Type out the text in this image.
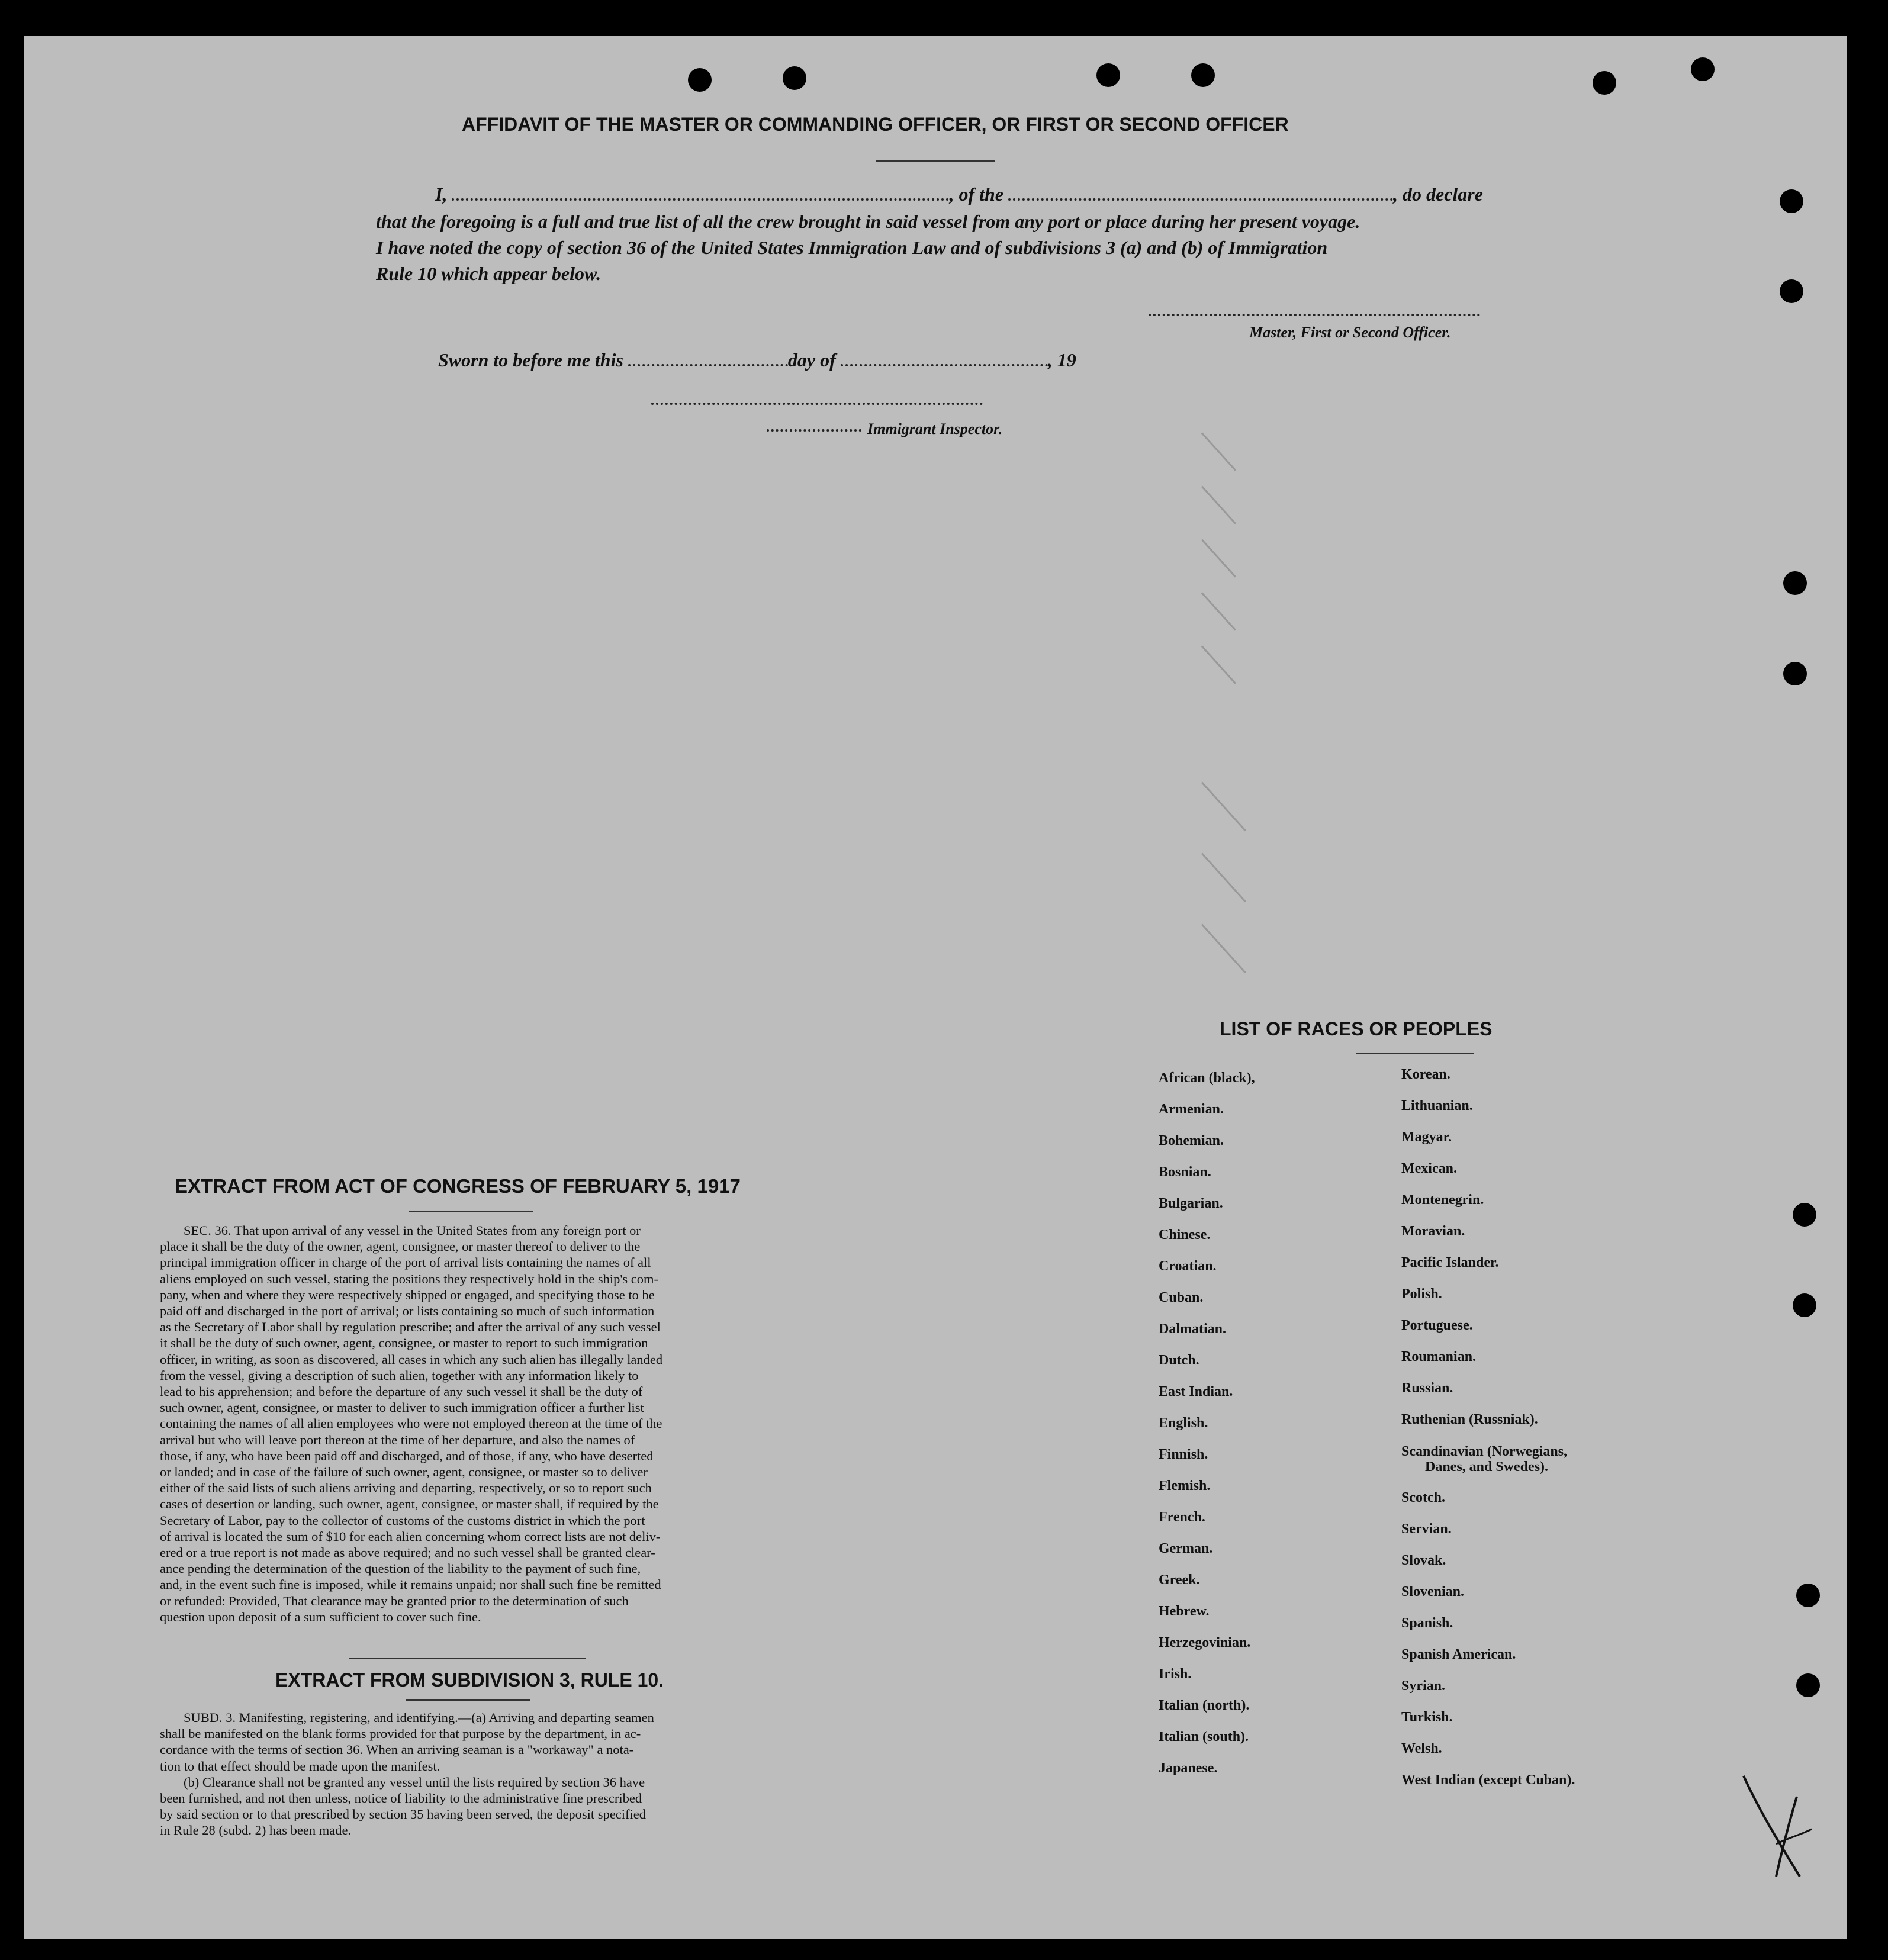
AFFIDAVIT OF THE MASTER OR COMMANDING OFFICER, OR FIRST OR SECOND OFFICER
I,	, of the	, do declare
that the foregoing is a full and true list of all the crew brought in said vessel from any port or place during her present voyage.
I have noted the copy of section 36 of the United States Immigration Law and of subdivisions 3 (a) and (b) of Immigration
Rule 10 which appear below.
Master, First or Second Officer.
Sworn to before me this	day of	, 19
Immigrant Inspector.
LIST OF RACES OR PEOPLES
African (black),
Armenian.
Bohemian.
Bosnian.
Bulgarian.
Chinese.
Croatian.
Cuban.
Dalmatian.
Dutch.
East Indian.
English.
Finnish.
Flemish.
French.
German.
Greek.
Hebrew.
Herzegovinian.
Irish.
Italian (north).
Italian (south).
Japanese.
Korean.
Lithuanian.
Magyar.
Mexican.
Montenegrin.
Moravian.
Pacific Islander.
Polish.
Portuguese.
Roumanian.
Russian.
Ruthenian (Russniak).
Scandinavian (Norwegians,
Danes, and Swedes).
Scotch.
Servian.
Slovak.
Slovenian.
Spanish.
Spanish American.
Syrian.
Turkish.
Welsh.
West Indian (except Cuban).
EXTRACT FROM ACT OF CONGRESS OF FEBRUARY 5, 1917
SEC. 36. That upon arrival of any vessel in the United States from any foreign port or
place it shall be the duty of the owner, agent, consignee, or master thereof to deliver to the
principal immigration officer in charge of the port of arrival lists containing the names of all
aliens employed on such vessel, stating the positions they respectively hold in the ship's com-
pany, when and where they were respectively shipped or engaged, and specifying those to be
paid off and discharged in the port of arrival; or lists containing so much of such information
as the Secretary of Labor shall by regulation prescribe; and after the arrival of any such vessel
it shall be the duty of such owner, agent, consignee, or master to report to such immigration
officer, in writing, as soon as discovered, all cases in which any such alien has illegally landed
from the vessel, giving a description of such alien, together with any information likely to
lead to his apprehension; and before the departure of any such vessel it shall be the duty of
such owner, agent, consignee, or master to deliver to such immigration officer a further list
containing the names of all alien employees who were not employed thereon at the time of the
arrival but who will leave port thereon at the time of her departure, and also the names of
those, if any, who have been paid off and discharged, and of those, if any, who have deserted
or landed; and in case of the failure of such owner, agent, consignee, or master so to deliver
either of the said lists of such aliens arriving and departing, respectively, or so to report such
cases of desertion or landing, such owner, agent, consignee, or master shall, if required by the
Secretary of Labor, pay to the collector of customs of the customs district in which the port
of arrival is located the sum of $10 for each alien concerning whom correct lists are not deliv-
ered or a true report is not made as above required; and no such vessel shall be granted clear-
ance pending the determination of the question of the liability to the payment of such fine,
and, in the event such fine is imposed, while it remains unpaid; nor shall such fine be remitted
or refunded: Provided, That clearance may be granted prior to the determination of such
question upon deposit of a sum sufficient to cover such fine.
EXTRACT FROM SUBDIVISION 3, RULE 10.
SUBD. 3. Manifesting, registering, and identifying.—(a) Arriving and departing seamen
shall be manifested on the blank forms provided for that purpose by the department, in ac-
cordance with the terms of section 36. When an arriving seaman is a "workaway" a nota-
tion to that effect should be made upon the manifest.
(b) Clearance shall not be granted any vessel until the lists required by section 36 have
been furnished, and not then unless, notice of liability to the administrative fine prescribed
by said section or to that prescribed by section 35 having been served, the deposit specified
in Rule 28 (subd. 2) has been made.
